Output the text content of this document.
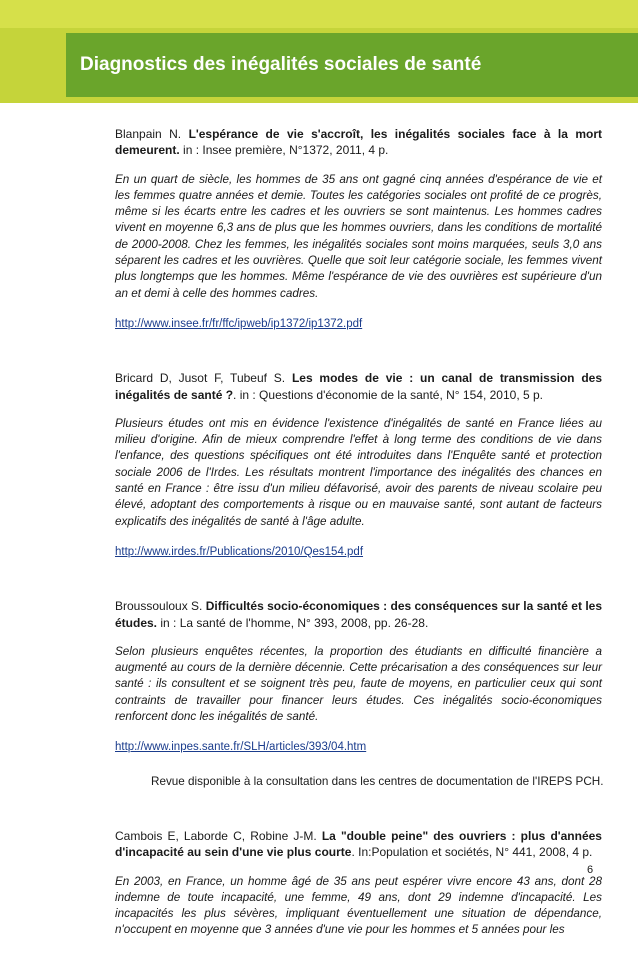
Diagnostics des inégalités sociales de santé

Blanpain N. L'espérance de vie s'accroît, les inégalités sociales face à la mort demeurent. in : Insee première, N°1372, 2011, 4 p.

En un quart de siècle, les hommes de 35 ans ont gagné cinq années d'espérance de vie et les femmes quatre années et demie. Toutes les catégories sociales ont profité de ce progrès, même si les écarts entre les cadres et les ouvriers se sont maintenus. Les hommes cadres vivent en moyenne 6,3 ans de plus que les hommes ouvriers, dans les conditions de mortalité de 2000-2008. Chez les femmes, les inégalités sociales sont moins marquées, seuls 3,0 ans séparent les cadres et les ouvrières. Quelle que soit leur catégorie sociale, les femmes vivent plus longtemps que les hommes. Même l'espérance de vie des ouvrières est supérieure d'un an et demi à celle des hommes cadres.

http://www.insee.fr/fr/ffc/ipweb/ip1372/ip1372.pdf

Bricard D, Jusot F, Tubeuf S. Les modes de vie : un canal de transmission des inégalités de santé ?. in : Questions d'économie de la santé, N° 154, 2010, 5 p.

Plusieurs études ont mis en évidence l'existence d'inégalités de santé en France liées au milieu d'origine. Afin de mieux comprendre l'effet à long terme des conditions de vie dans l'enfance, des questions spécifiques ont été introduites dans l'Enquête santé et protection sociale 2006 de l'Irdes. Les résultats montrent l'importance des inégalités des chances en santé en France : être issu d'un milieu défavorisé, avoir des parents de niveau scolaire peu élevé, adoptant des comportements à risque ou en mauvaise santé, sont autant de facteurs explicatifs des inégalités de santé à l'âge adulte.

http://www.irdes.fr/Publications/2010/Qes154.pdf

Broussouloux S. Difficultés socio-économiques : des conséquences sur la santé et les études. in : La santé de l'homme, N° 393, 2008, pp. 26-28.

Selon plusieurs enquêtes récentes, la proportion des étudiants en difficulté financière a augmenté au cours de la dernière décennie. Cette précarisation a des conséquences sur leur santé : ils consultent et se soignent très peu, faute de moyens, en particulier ceux qui sont contraints de travailler pour financer leurs études. Ces inégalités socio-économiques renforcent donc les inégalités de santé.

http://www.inpes.sante.fr/SLH/articles/393/04.htm

Revue disponible à la consultation dans les centres de documentation de l'IREPS PCH.

Cambois E, Laborde C, Robine J-M. La "double peine" des ouvriers : plus d'années d'incapacité au sein d'une vie plus courte. In:Population et sociétés, N° 441, 2008, 4 p.

En 2003, en France, un homme âgé de 35 ans peut espérer vivre encore 43 ans, dont 28 indemne de toute incapacité, une femme, 49 ans, dont 29 indemne d'incapacité. Les incapacités les plus sévères, impliquant éventuellement une situation de dépendance, n'occupent en moyenne que 3 années d'une vie pour les hommes et 5 années pour les

6
